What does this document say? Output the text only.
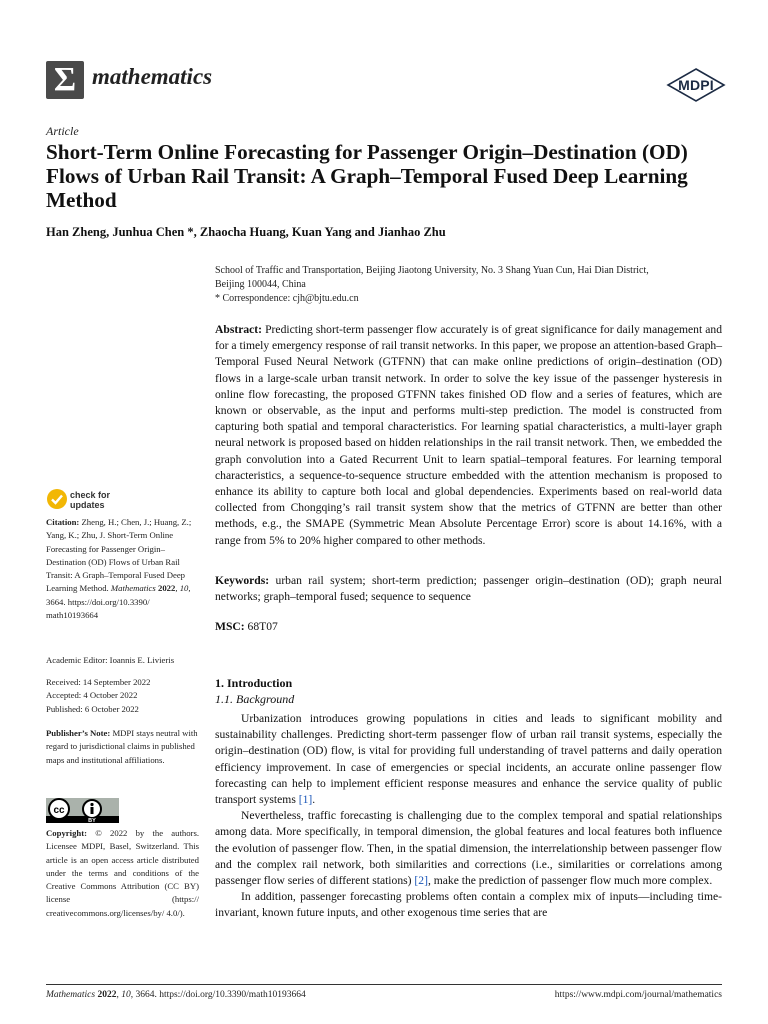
Σ mathematics	MDPI
Article
Short-Term Online Forecasting for Passenger Origin–Destination (OD) Flows of Urban Rail Transit: A Graph–Temporal Fused Deep Learning Method
Han Zheng, Junhua Chen *, Zhaocha Huang, Kuan Yang and Jianhao Zhu
School of Traffic and Transportation, Beijing Jiaotong University, No. 3 Shang Yuan Cun, Hai Dian District,
Beijing 100044, China
* Correspondence: cjh@bjtu.edu.cn
Abstract: Predicting short-term passenger flow accurately is of great significance for daily management and for a timely emergency response of rail transit networks. In this paper, we propose an attention-based Graph–Temporal Fused Neural Network (GTFNN) that can make online predictions of origin–destination (OD) flows in a large-scale urban transit network. In order to solve the key issue of the passenger hysteresis in online flow forecasting, the proposed GTFNN takes finished OD flow and a series of features, which are known or observable, as the input and performs multi-step prediction. The model is constructed from capturing both spatial and temporal characteristics. For learning spatial characteristics, a multi-layer graph neural network is proposed based on hidden relationships in the rail transit network. Then, we embedded the graph convolution into a Gated Recurrent Unit to learn spatial–temporal features. For learning temporal characteristics, a sequence-to-sequence structure embedded with the attention mechanism is proposed to enhance its ability to capture both local and global dependencies. Experiments based on real-world data collected from Chongqing’s rail transit system show that the metrics of GTFNN are better than other methods, e.g., the SMAPE (Symmetric Mean Absolute Percentage Error) score is about 14.16%, with a range from 5% to 20% higher compared to other methods.
Keywords: urban rail system; short-term prediction; passenger origin–destination (OD); graph neural networks; graph–temporal fused; sequence to sequence
MSC: 68T07
1. Introduction
1.1. Background

Urbanization introduces growing populations in cities and leads to significant mobility and sustainability challenges. Predicting short-term passenger flow of urban rail transit systems, especially the origin–destination (OD) flow, is vital for providing full understanding of travel patterns and daily operation efficiency improvement. In case of emergencies or special incidents, an accurate online passenger flow forecasting can help to implement efficient response measures and enhance the service quality of public transport systems [1].

Nevertheless, traffic forecasting is challenging due to the complex temporal and spatial relationships among data. More specifically, in temporal dimension, the global features and local features both influence the evolution of passenger flow. Then, in the spatial dimension, the interrelationship between passenger flow and the complex rail network, both similarities and corrections (i.e., similarities or correlations among passenger flow series of different stations) [2], make the prediction of passenger flow much more complex.

In addition, passenger forecasting problems often contain a complex mix of inputs—including time-invariant, known future inputs, and other exogenous time series that are

check for
updates
Citation: Zheng, H.; Chen, J.; Huang, Z.; Yang, K.; Zhu, J. Short-Term Online Forecasting for Passenger Origin–Destination (OD) Flows of Urban Rail Transit: A Graph–Temporal Fused Deep Learning Method. Mathematics 2022, 10, 3664. https://doi.org/10.3390/ math10193664
Academic Editor: Ioannis E. Livieris
Received: 14 September 2022
Accepted: 4 October 2022
Published: 6 October 2022
Publisher’s Note: MDPI stays neutral with regard to jurisdictional claims in published maps and institutional affiliations.
cc
BY
Copyright: © 2022 by the authors. Licensee MDPI, Basel, Switzerland. This article is an open access article distributed under the terms and conditions of the Creative Commons Attribution (CC BY) license (https:// creativecommons.org/licenses/by/ 4.0/).
Mathematics 2022, 10, 3664. https://doi.org/10.3390/math10193664	https://www.mdpi.com/journal/mathematics
